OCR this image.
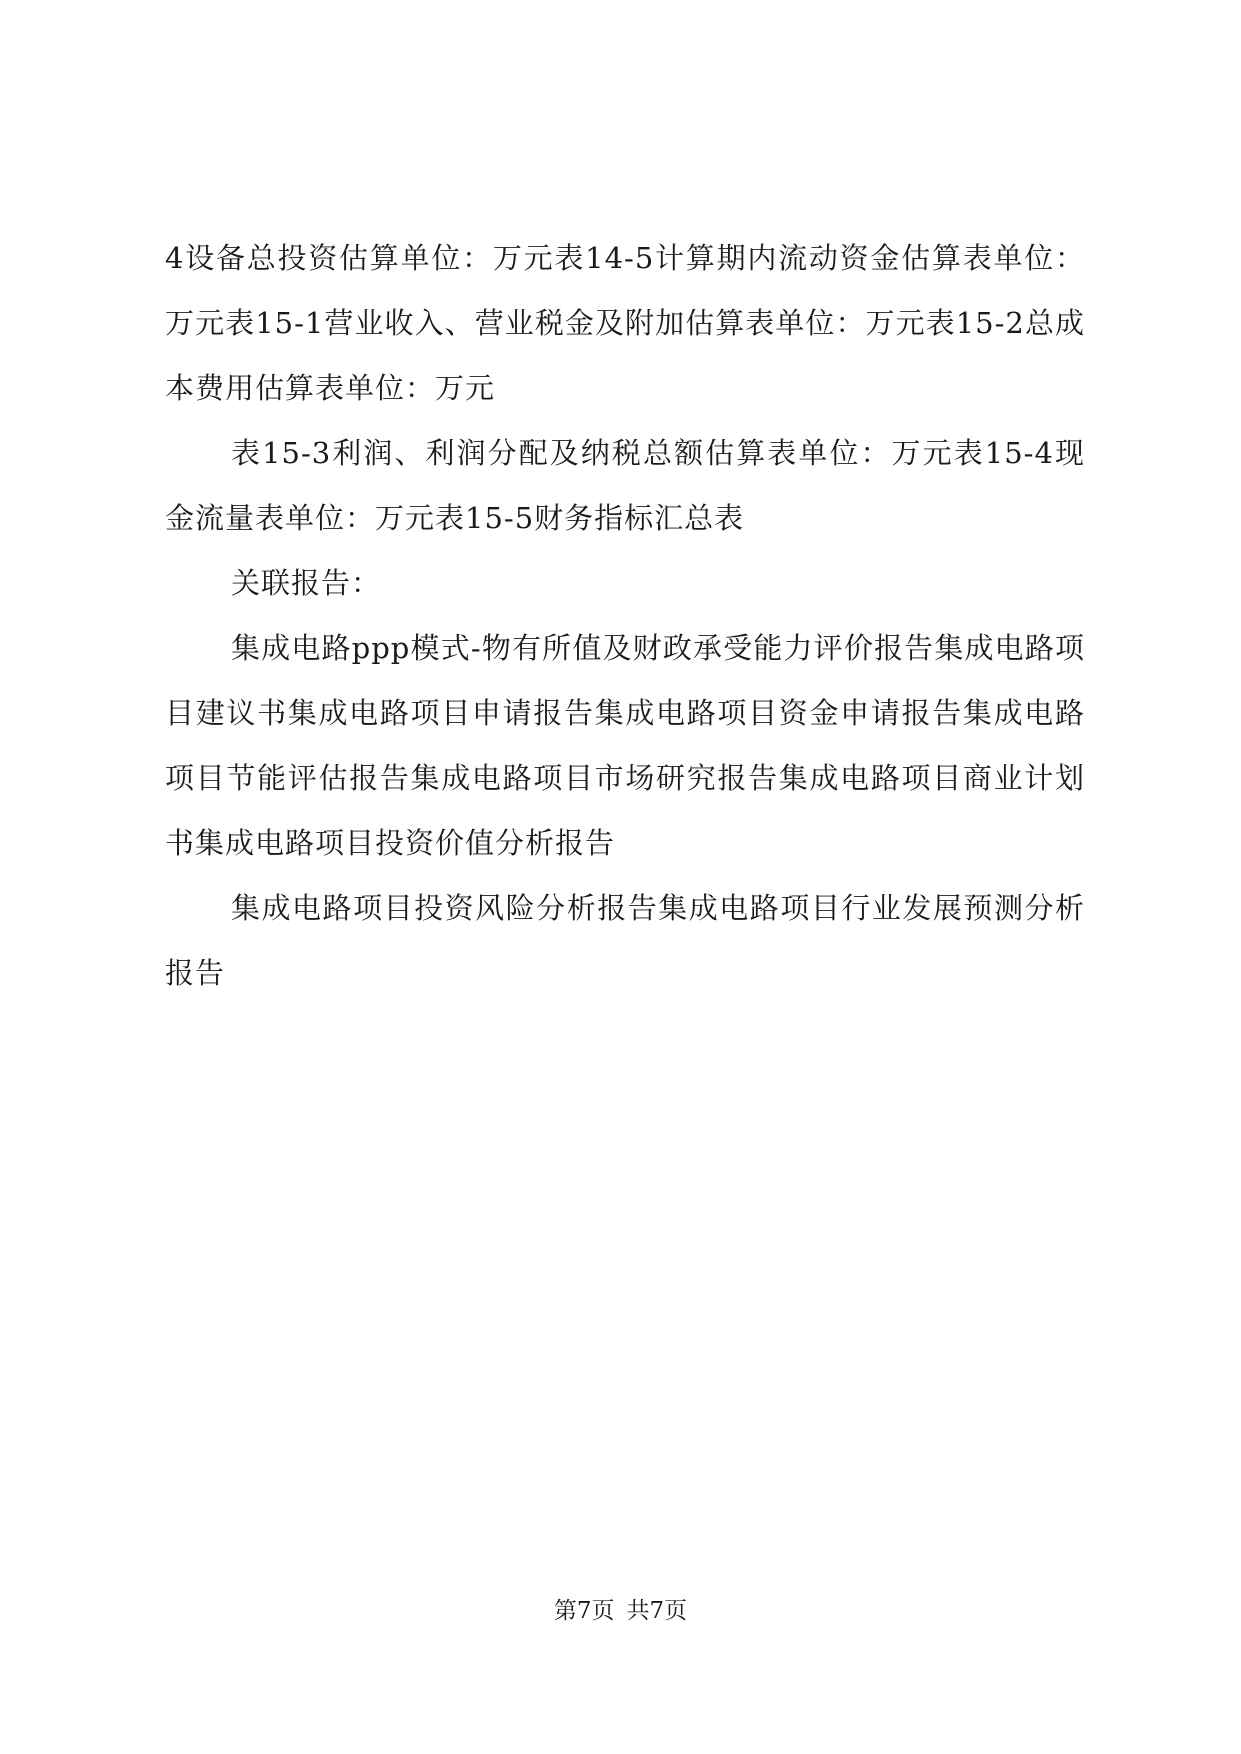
4设备总投资估算单位：万元表14-5计算期内流动资金估算表单位：万元表15-1营业收入、营业税金及附加估算表单位：万元表15-2总成本费用估算表单位：万元

表15-3利润、利润分配及纳税总额估算表单位：万元表15-4现金流量表单位：万元表15-5财务指标汇总表

关联报告：

集成电路ppp模式-物有所值及财政承受能力评价报告集成电路项目建议书集成电路项目申请报告集成电路项目资金申请报告集成电路项目节能评估报告集成电路项目市场研究报告集成电路项目商业计划书集成电路项目投资价值分析报告

集成电路项目投资风险分析报告集成电路项目行业发展预测分析报告

第7页 共7页
